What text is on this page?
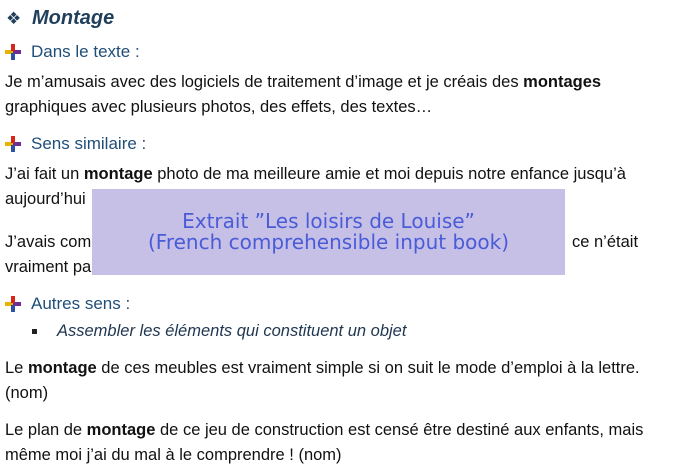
❖ Montage
Dans le texte :
Je m’amusais avec des logiciels de traitement d’image et je créais des montages
graphiques avec plusieurs photos, des effets, des textes…
Sens similaire :
J’ai fait un montage photo de ma meilleure amie et moi depuis notre enfance jusqu’à
aujourd’hui
J’avais com	ce n’était
vraiment pa
Autres sens :
Assembler les éléments qui constituent un objet
Le montage de ces meubles est vraiment simple si on suit le mode d’emploi à la lettre.
(nom)
Le plan de montage de ce jeu de construction est censé être destiné aux enfants, mais
même moi j’ai du mal à le comprendre ! (nom)
Extrait ”Les loisirs de Louise”
(French comprehensible input book)
